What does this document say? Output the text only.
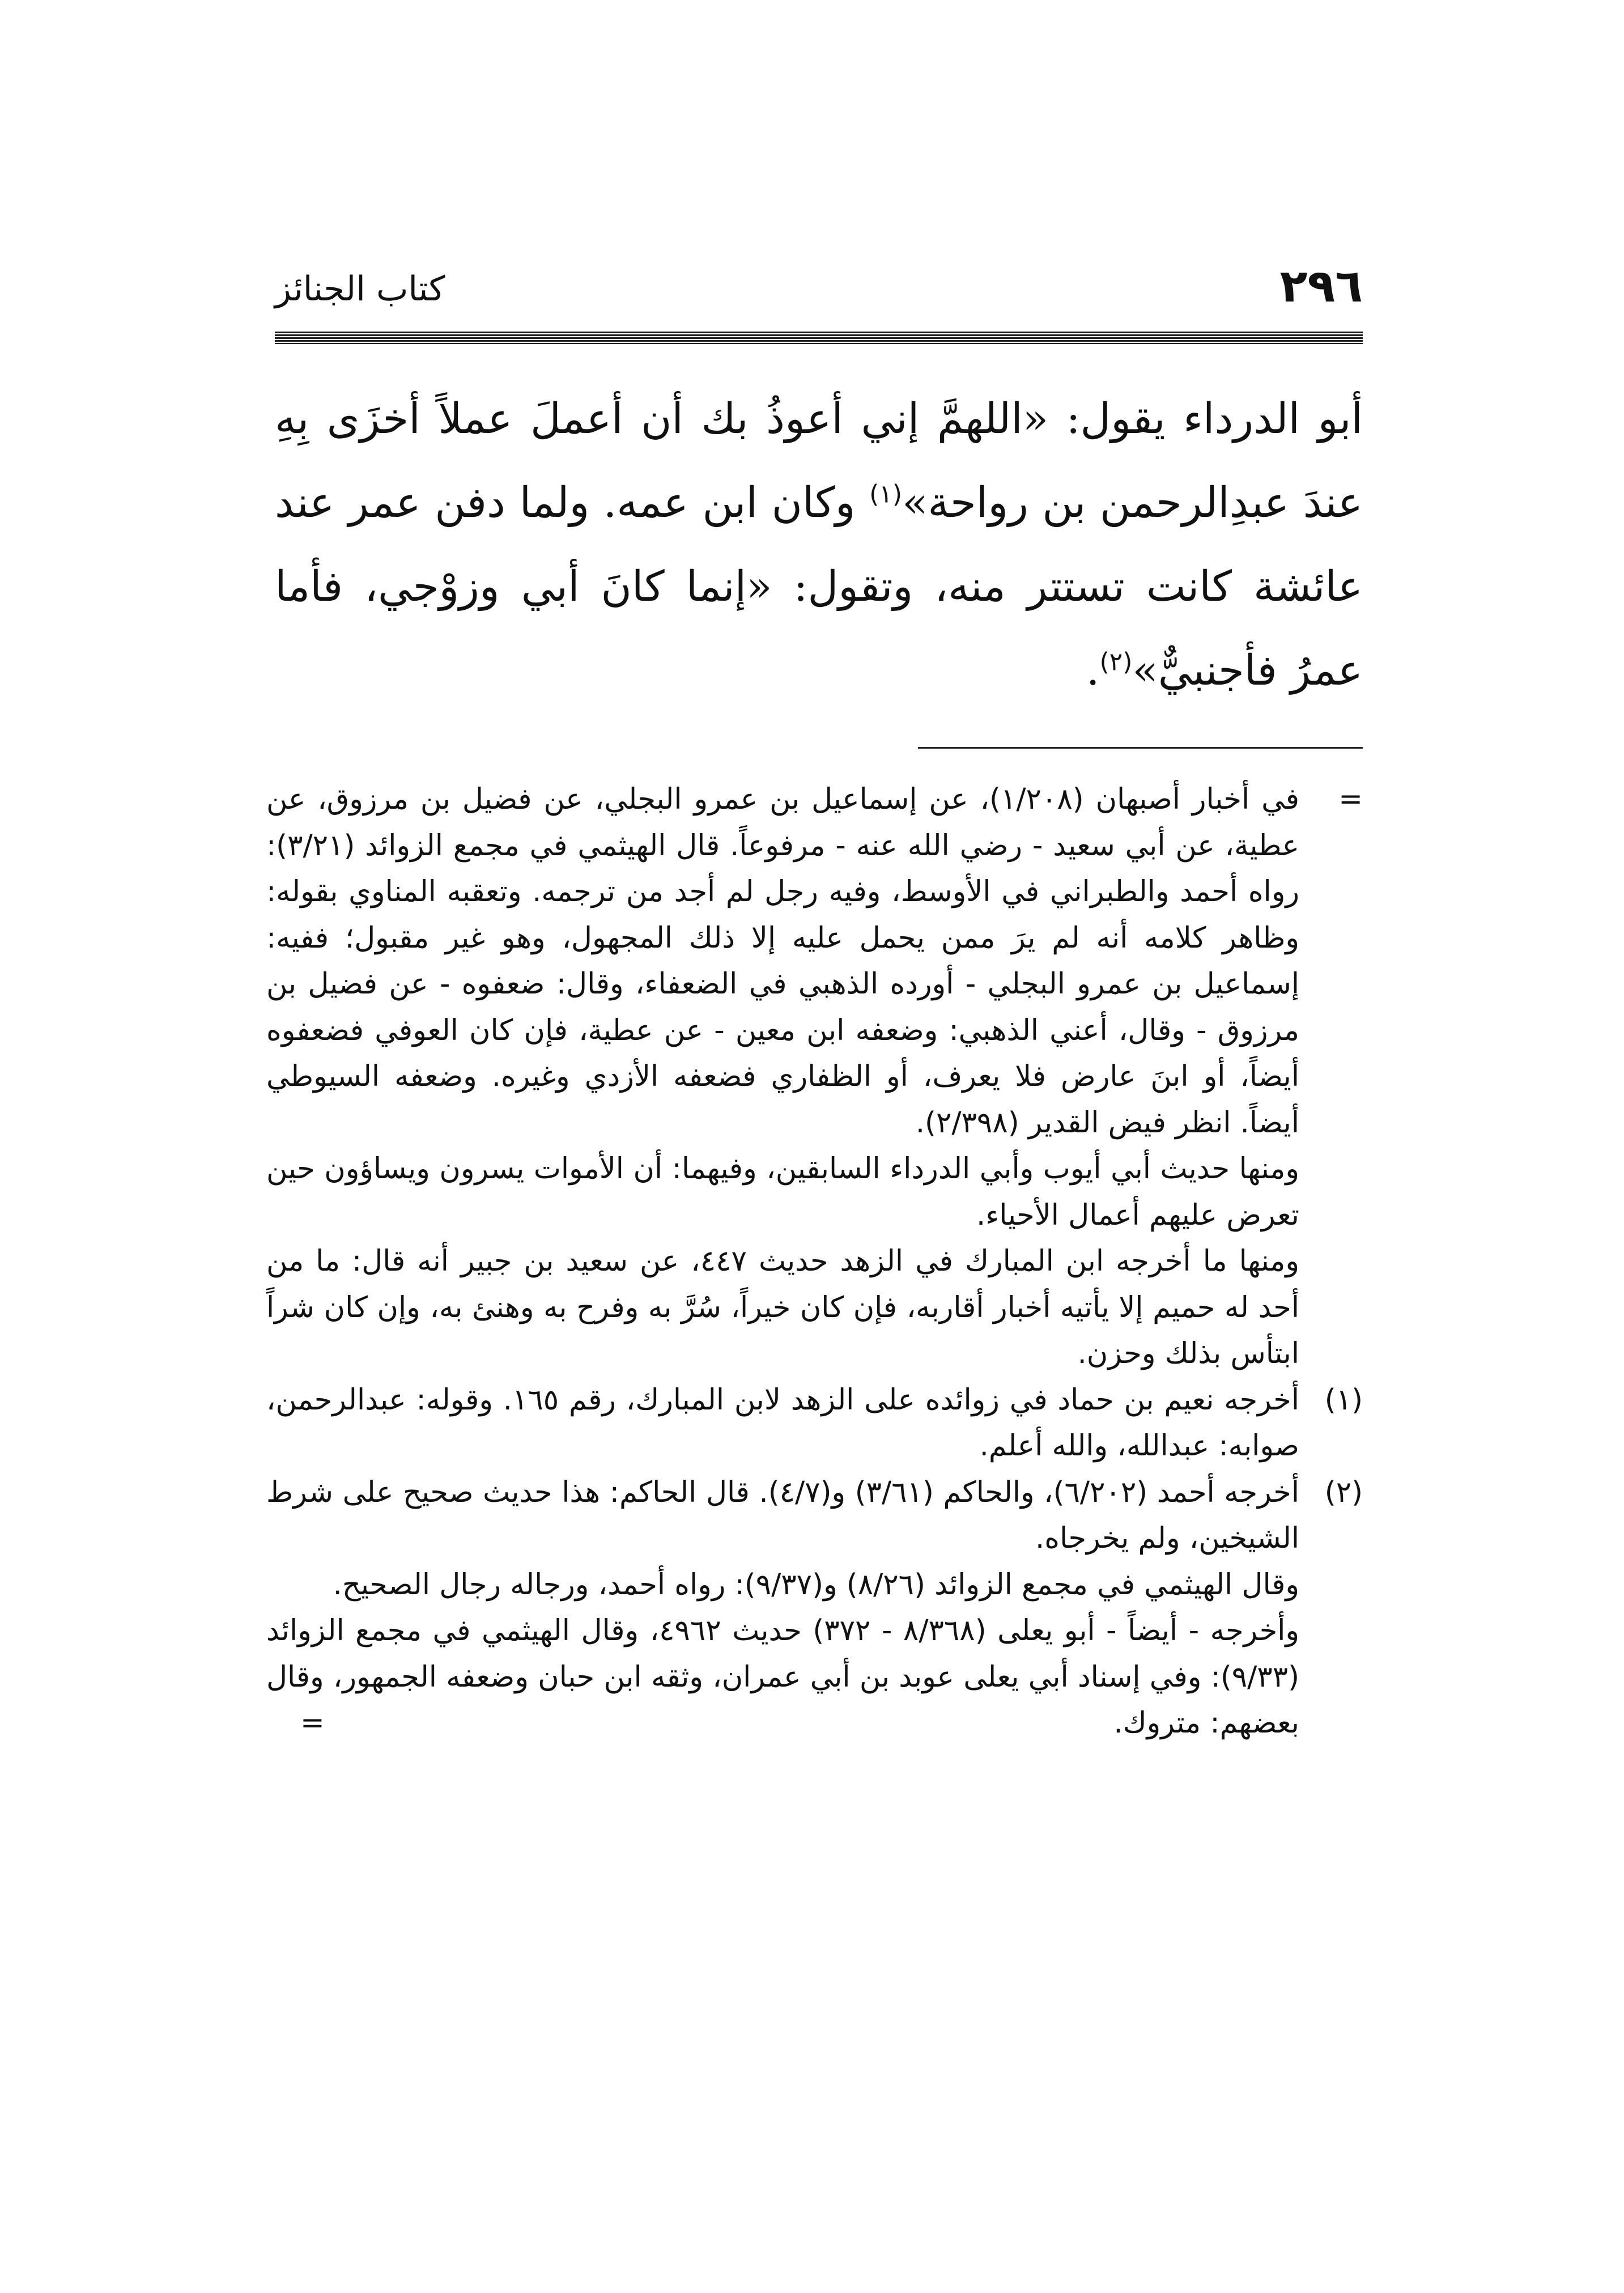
٢٩٦
كتاب الجنائز

أبو الدرداء يقول: «اللهمَّ إني أعوذُ بك أن أعملَ عملاً أخزَى بِهِ عندَ عبدِالرحمن بن رواحة»$^{(١)}$ وكان ابن عمه. ولما دفن عمر عند عائشة كانت تستتر منه، وتقول: «إنما كانَ أبي وزوْجي، فأما عمرُ فأجنبيٌّ»$^{(٢)}$.

=

في أخبار أصبهان (١/٢٠٨)، عن إسماعيل بن عمرو البجلي، عن فضيل بن مرزوق، عن عطية، عن أبي سعيد - رضي الله عنه - مرفوعاً. قال الهيثمي في مجمع الزوائد (٣/٢١): رواه أحمد والطبراني في الأوسط، وفيه رجل لم أجد من ترجمه. وتعقبه المناوي بقوله: وظاهر كلامه أنه لم يرَ ممن يحمل عليه إلا ذلك المجهول، وهو غير مقبول؛ ففيه: إسماعيل بن عمرو البجلي - أورده الذهبي في الضعفاء، وقال: ضعفوه - عن فضيل بن مرزوق - وقال، أعني الذهبي: وضعفه ابن معين - عن عطية، فإن كان العوفي فضعفوه أيضاً، أو ابنَ عارض فلا يعرف، أو الظفاري فضعفه الأزدي وغيره. وضعفه السيوطي أيضاً. انظر فيض القدير (٢/٣٩٨).

ومنها حديث أبي أيوب وأبي الدرداء السابقين، وفيهما: أن الأموات يسرون ويساؤون حين تعرض عليهم أعمال الأحياء.

ومنها ما أخرجه ابن المبارك في الزهد حديث ٤٤٧، عن سعيد بن جبير أنه قال: ما من أحد له حميم إلا يأتيه أخبار أقاربه، فإن كان خيراً، سُرَّ به وفرح به وهنئ به، وإن كان شراً ابتأس بذلك وحزن.

(١)

أخرجه نعيم بن حماد في زوائده على الزهد لابن المبارك، رقم ١٦٥. وقوله: عبدالرحمن، صوابه: عبدالله، والله أعلم.

(٢)

أخرجه أحمد (٦/٢٠٢)، والحاكم (٣/٦١) و(٤/٧). قال الحاكم: هذا حديث صحيح على شرط الشيخين، ولم يخرجاه.

وقال الهيثمي في مجمع الزوائد (٨/٢٦) و(٩/٣٧): رواه أحمد، ورجاله رجال الصحيح.

وأخرجه - أيضاً - أبو يعلى (٨/٣٦٨ - ٣٧٢) حديث ٤٩٦٢، وقال الهيثمي في مجمع الزوائد (٩/٣٣): وفي إسناد أبي يعلى عوبد بن أبي عمران، وثقه ابن حبان وضعفه الجمهور، وقال بعضهم: متروك.
=
